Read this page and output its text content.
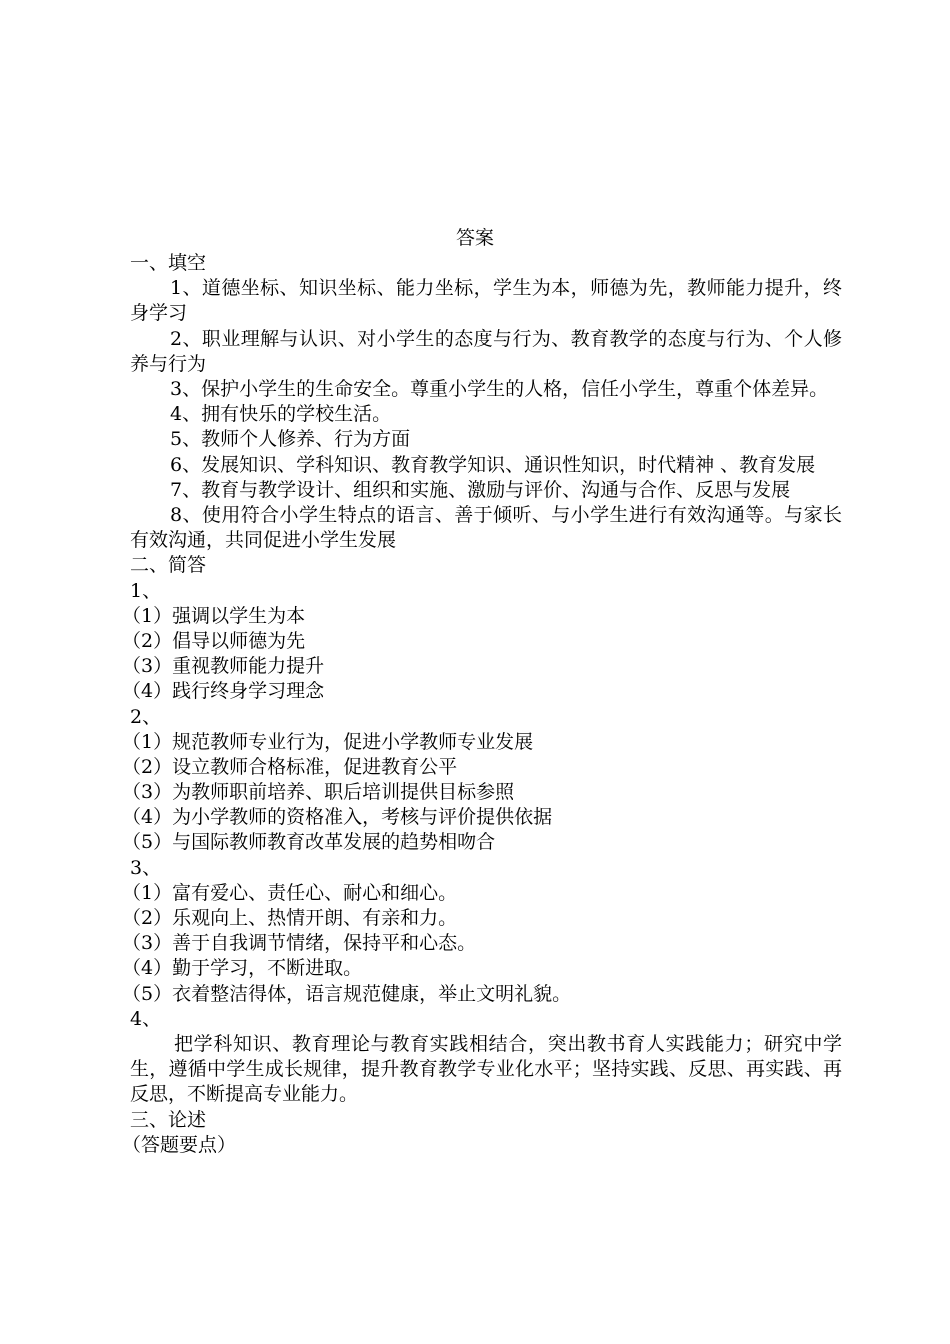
答案
一、填空
1、道德坐标、知识坐标、能力坐标，学生为本，师德为先，教师能力提升，终身学习
2、职业理解与认识、对小学生的态度与行为、教育教学的态度与行为、个人修养与行为
3、保护小学生的生命安全。尊重小学生的人格，信任小学生，尊重个体差异。
4、拥有快乐的学校生活。
5、教师个人修养、行为方面
6、发展知识、学科知识、教育教学知识、通识性知识，时代精神 、教育发展
7、教育与教学设计、组织和实施、激励与评价、沟通与合作、反思与发展
8、使用符合小学生特点的语言、善于倾听、与小学生进行有效沟通等。与家长有效沟通，共同促进小学生发展
二、简答
1、
（1）强调以学生为本
（2）倡导以师德为先
（3）重视教师能力提升
（4）践行终身学习理念
2、
（1）规范教师专业行为，促进小学教师专业发展
（2）设立教师合格标准，促进教育公平
（3）为教师职前培养、职后培训提供目标参照
（4）为小学教师的资格准入，考核与评价提供依据
（5）与国际教师教育改革发展的趋势相吻合
3、
（1）富有爱心、责任心、耐心和细心。
（2）乐观向上、热情开朗、有亲和力。
（3）善于自我调节情绪，保持平和心态。
（4）勤于学习，不断进取。
（5）衣着整洁得体，语言规范健康，举止文明礼貌。
4、
把学科知识、教育理论与教育实践相结合，突出教书育人实践能力；研究中学生，遵循中学生成长规律，提升教育教学专业化水平；坚持实践、反思、再实践、再反思，不断提高专业能力。
三、论述
（答题要点）
